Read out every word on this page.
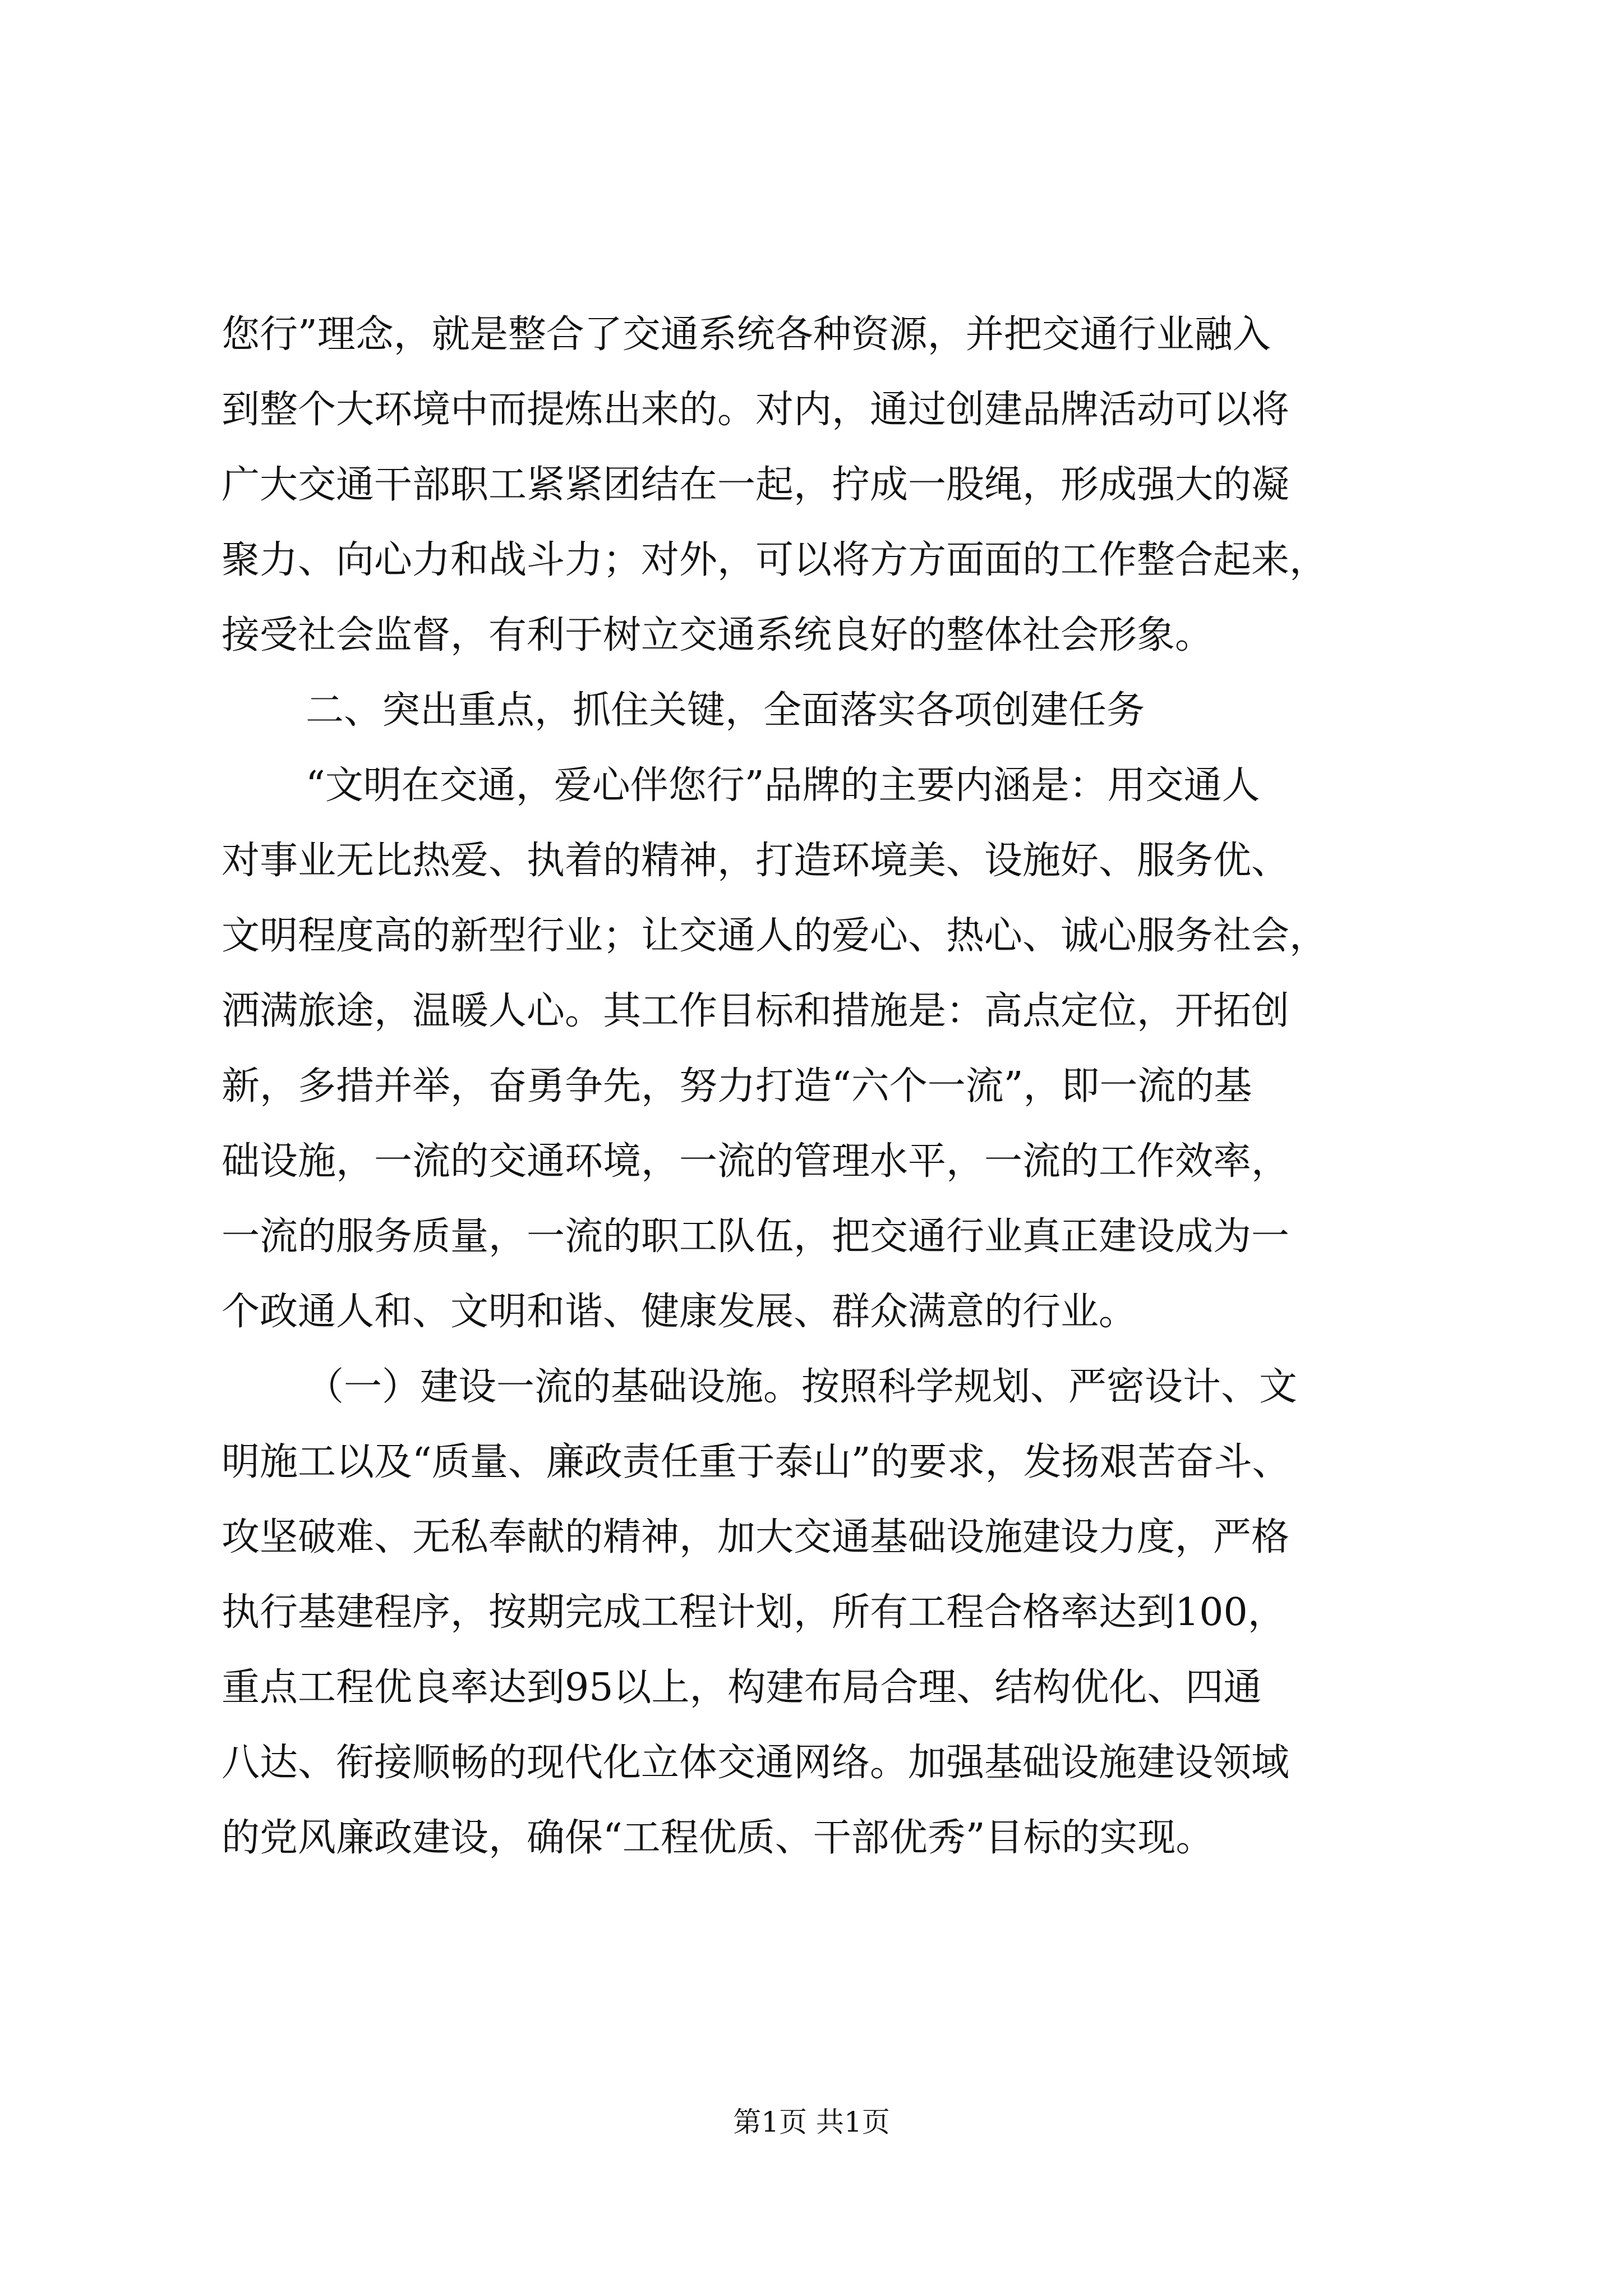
您行”理念，就是整合了交通系统各种资源，并把交通行业融入
到整个大环境中而提炼出来的。对内，通过创建品牌活动可以将
广大交通干部职工紧紧团结在一起，拧成一股绳，形成强大的凝
聚力、向心力和战斗力；对外，可以将方方面面的工作整合起来，
接受社会监督，有利于树立交通系统良好的整体社会形象。
二、突出重点，抓住关键，全面落实各项创建任务
“文明在交通，爱心伴您行”品牌的主要内涵是：用交通人
对事业无比热爱、执着的精神，打造环境美、设施好、服务优、
文明程度高的新型行业；让交通人的爱心、热心、诚心服务社会，
洒满旅途，温暖人心。其工作目标和措施是：高点定位，开拓创
新，多措并举，奋勇争先，努力打造“六个一流”，即一流的基
础设施，一流的交通环境，一流的管理水平，一流的工作效率，
一流的服务质量，一流的职工队伍，把交通行业真正建设成为一
个政通人和、文明和谐、健康发展、群众满意的行业。
（一）建设一流的基础设施。按照科学规划、严密设计、文
明施工以及“质量、廉政责任重于泰山”的要求，发扬艰苦奋斗、
攻坚破难、无私奉献的精神，加大交通基础设施建设力度，严格
执行基建程序，按期完成工程计划，所有工程合格率达到100，
重点工程优良率达到95以上，构建布局合理、结构优化、四通
八达、衔接顺畅的现代化立体交通网络。加强基础设施建设领域
的党风廉政建设，确保“工程优质、干部优秀”目标的实现。
第1页 共1页
